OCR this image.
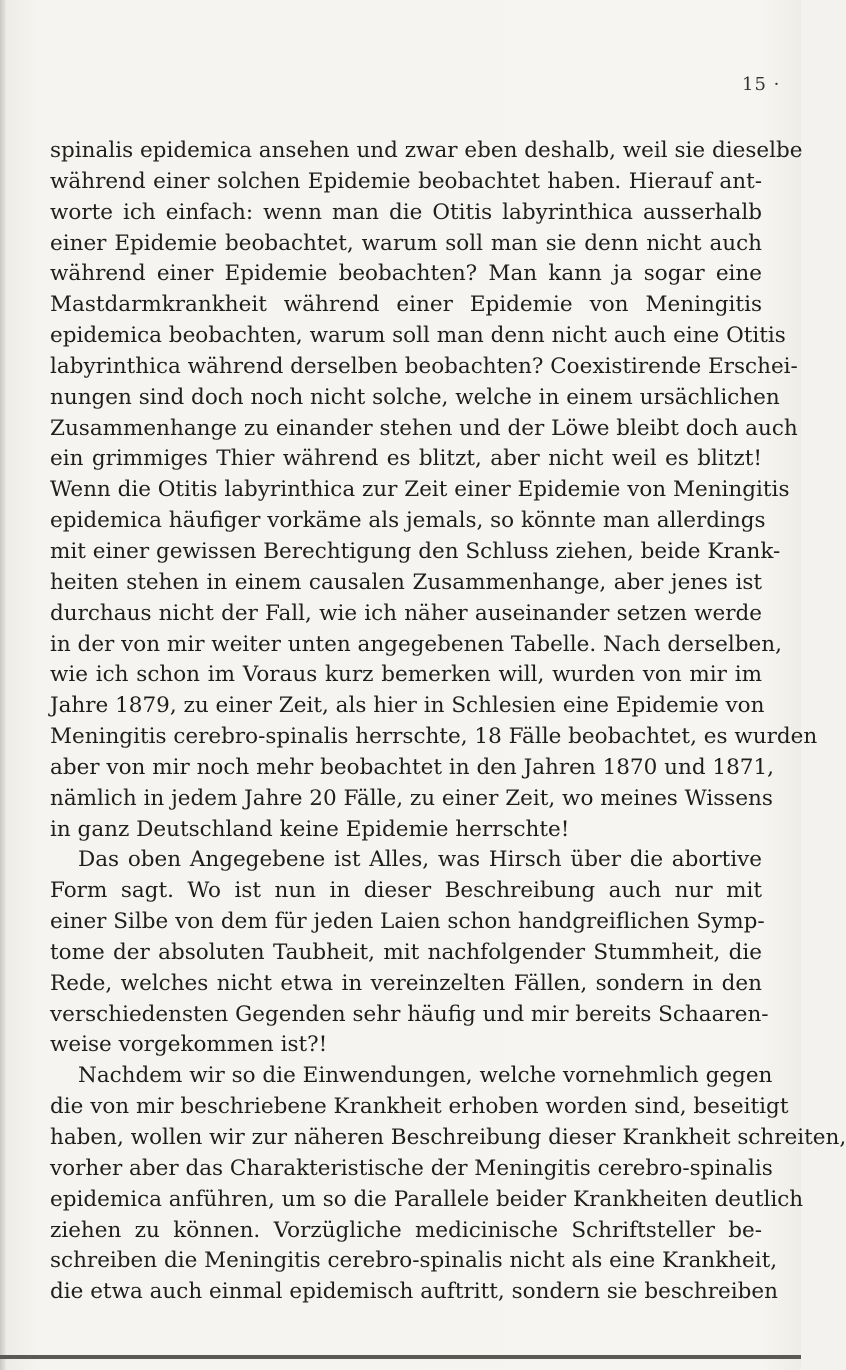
15 ·
spinalis epidemica ansehen und zwar eben deshalb, weil sie dieselbe
während einer solchen Epidemie beobachtet haben. Hierauf ant-
worte ich einfach: wenn man die Otitis labyrinthica ausserhalb
einer Epidemie beobachtet, warum soll man sie denn nicht auch
während einer Epidemie beobachten? Man kann ja sogar eine
Mastdarmkrankheit während einer Epidemie von Meningitis
epidemica beobachten, warum soll man denn nicht auch eine Otitis
labyrinthica während derselben beobachten? Coexistirende Erschei-
nungen sind doch noch nicht solche, welche in einem ursächlichen
Zusammenhange zu einander stehen und der Löwe bleibt doch auch
ein grimmiges Thier während es blitzt, aber nicht weil es blitzt!
Wenn die Otitis labyrinthica zur Zeit einer Epidemie von Meningitis
epidemica häufiger vorkäme als jemals, so könnte man allerdings
mit einer gewissen Berechtigung den Schluss ziehen, beide Krank-
heiten stehen in einem causalen Zusammenhange, aber jenes ist
durchaus nicht der Fall, wie ich näher auseinander setzen werde
in der von mir weiter unten angegebenen Tabelle. Nach derselben,
wie ich schon im Voraus kurz bemerken will, wurden von mir im
Jahre 1879, zu einer Zeit, als hier in Schlesien eine Epidemie von
Meningitis cerebro-spinalis herrschte, 18 Fälle beobachtet, es wurden
aber von mir noch mehr beobachtet in den Jahren 1870 und 1871,
nämlich in jedem Jahre 20 Fälle, zu einer Zeit, wo meines Wissens
in ganz Deutschland keine Epidemie herrschte!
Das oben Angegebene ist Alles, was Hirsch über die abortive
Form sagt. Wo ist nun in dieser Beschreibung auch nur mit
einer Silbe von dem für jeden Laien schon handgreiflichen Symp-
tome der absoluten Taubheit, mit nachfolgender Stummheit, die
Rede, welches nicht etwa in vereinzelten Fällen, sondern in den
verschiedensten Gegenden sehr häufig und mir bereits Schaaren-
weise vorgekommen ist?!
Nachdem wir so die Einwendungen, welche vornehmlich gegen
die von mir beschriebene Krankheit erhoben worden sind, beseitigt
haben, wollen wir zur näheren Beschreibung dieser Krankheit schreiten,
vorher aber das Charakteristische der Meningitis cerebro-spinalis
epidemica anführen, um so die Parallele beider Krankheiten deutlich
ziehen zu können. Vorzügliche medicinische Schriftsteller be-
schreiben die Meningitis cerebro-spinalis nicht als eine Krankheit,
die etwa auch einmal epidemisch auftritt, sondern sie beschreiben
